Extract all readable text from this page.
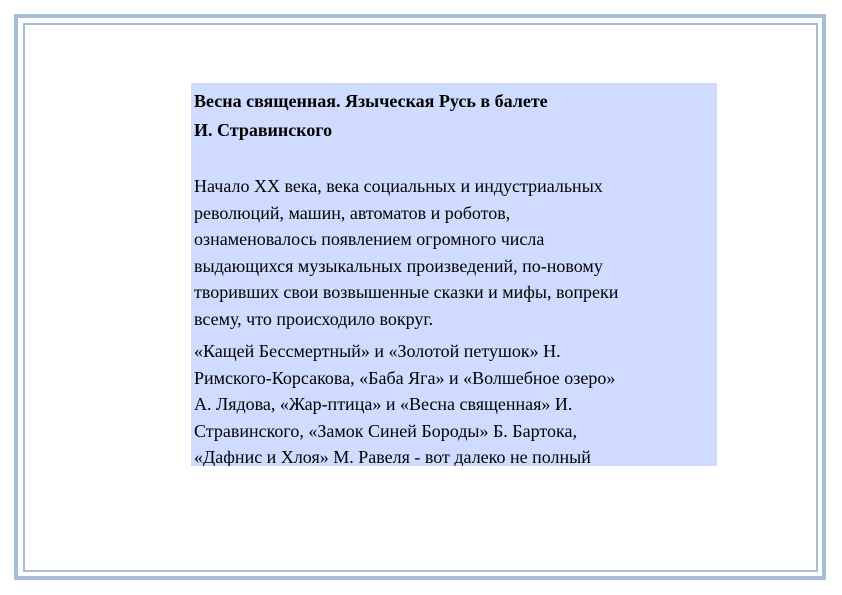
Весна священная. Языческая Русь в балете
И. Стравинского
Начало XX века, века социальных и индустриальных
революций, машин, автоматов и роботов,
ознаменовалось появлением огромного числа
выдающихся музыкальных произведений, по-новому
творивших свои возвышенные сказки и мифы, вопреки
всему, что происходило вокруг.
«Кащей Бессмертный» и «Золотой петушок» Н.
Римского-Корсакова, «Баба Яга» и «Волшебное озеро»
А. Лядова, «Жар-птица» и «Весна священная» И.
Стравинского, «Замок Синей Бороды» Б. Бартока,
«Дафнис и Хлоя» М. Равеля - вот далеко не полный
